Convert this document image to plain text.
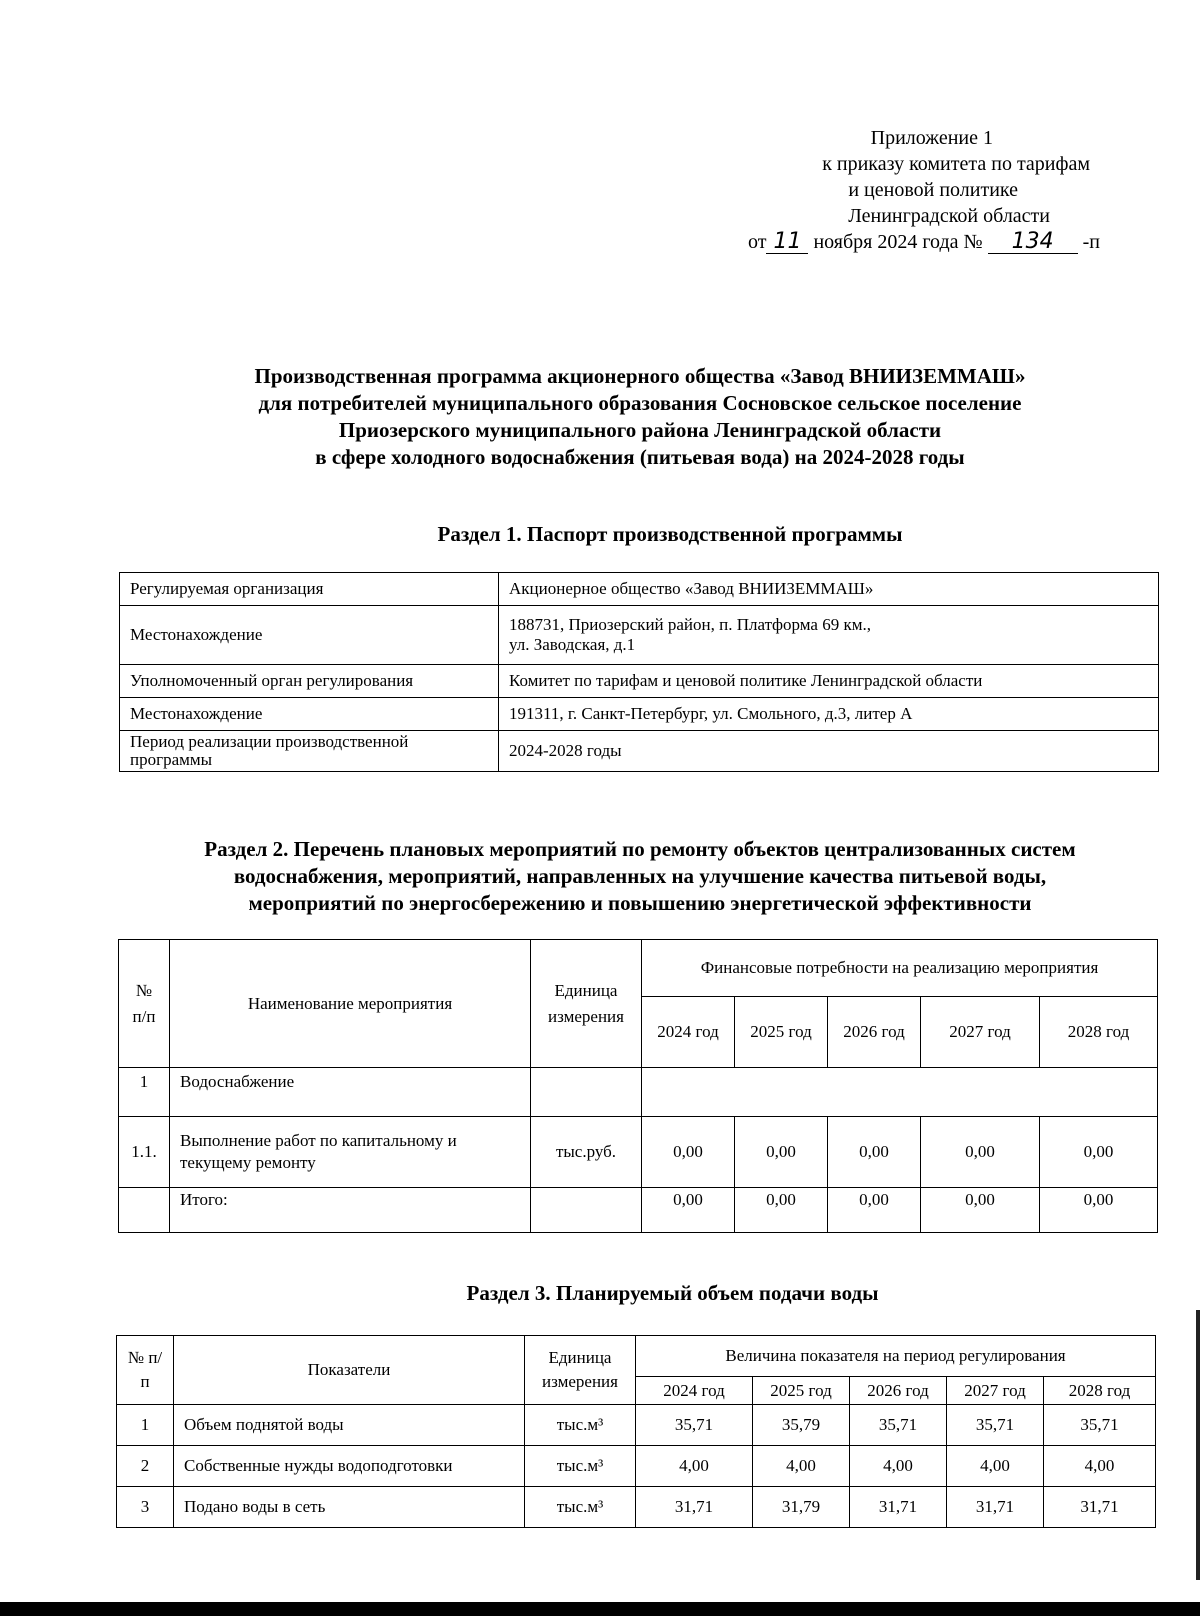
Приложение 1
к приказу комитета по тарифам
и ценовой политике
Ленинградской области
от 11 ноября 2024 года № 134 -п
Производственная программа акционерного общества «Завод ВНИИЗЕММАШ»
для потребителей муниципального образования Сосновское сельское поселение
Приозерского муниципального района Ленинградской области
в сфере холодного водоснабжения (питьевая вода) на 2024-2028 годы
Раздел 1. Паспорт производственной программы
Регулируемая организация	Акционерное общество «Завод ВНИИЗЕММАШ»
Местонахождение	188731, Приозерский район, п. Платформа 69 км.,
ул. Заводская, д.1

Уполномоченный орган регулирования	Комитет по тарифам и ценовой политике Ленинградской области
Местонахождение	191311, г. Санкт-Петербург, ул. Смольного, д.3, литер А
Период реализации производственной программы	2024-2028 годы
Раздел 2. Перечень плановых мероприятий по ремонту объектов централизованных систем
водоснабжения, мероприятий, направленных на улучшение качества питьевой воды,
мероприятий по энергосбережению и повышению энергетической эффективности
№ п/п	Наименование мероприятия	Единица измерения	Финансовые потребности на реализацию мероприятия				
			2024 год	2025 год	2026 год	2027 год	2028 год
1	Водоснабжение						
1.1.	Выполнение работ по капитальному и текущему ремонту	тыс.руб.	0,00	0,00	0,00	0,00	0,00
	Итого:		0,00	0,00	0,00	0,00	0,00
Раздел 3. Планируемый объем подачи воды
№ п/п	Показатели	Единица измерения	Величина показателя на период регулирования				
			2024 год	2025 год	2026 год	2027 год	2028 год
1	Объем поднятой воды	тыс.м³	35,71	35,79	35,71	35,71	35,71
2	Собственные нужды водоподготовки	тыс.м³	4,00	4,00	4,00	4,00	4,00
3	Подано воды в сеть	тыс.м³	31,71	31,79	31,71	31,71	31,71
